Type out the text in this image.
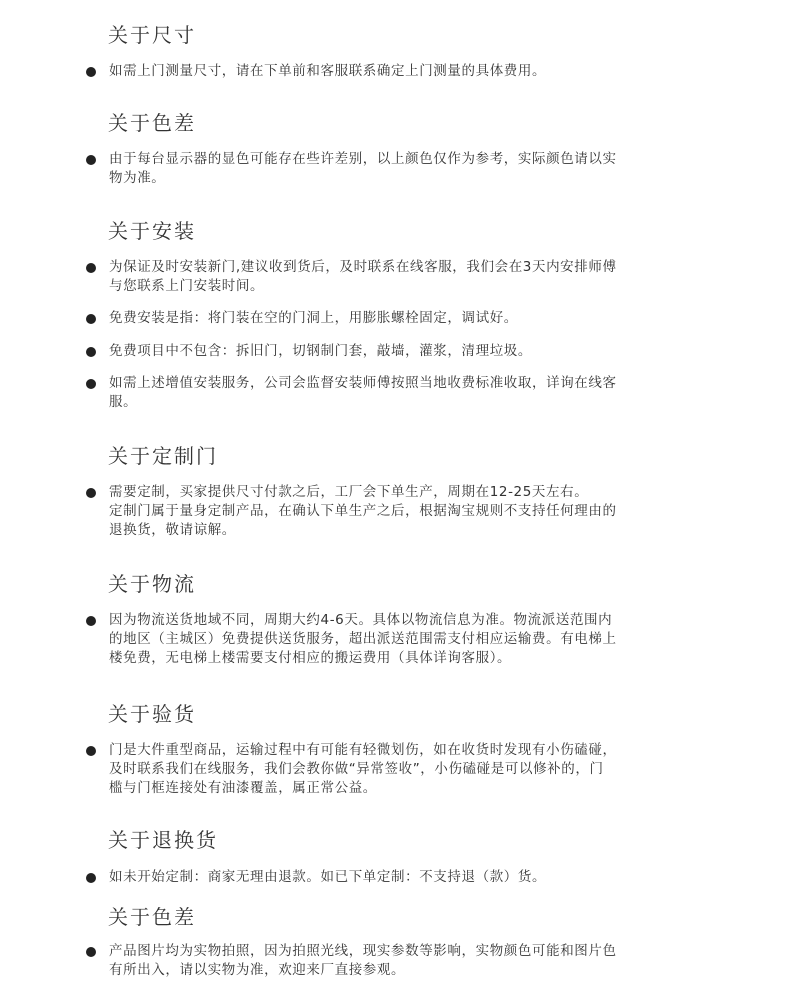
关于尺寸

如需上门测量尺寸，请在下单前和客服联系确定上门测量的具体费用。

关于色差

由于每台显示器的显色可能存在些许差别，以上颜色仅作为参考，实际颜色请以实
物为准。

关于安装

为保证及时安装新门,建议收到货后，及时联系在线客服，我们会在3天内安排师傅
与您联系上门安装时间。

免费安装是指：将门装在空的门洞上，用膨胀螺栓固定，调试好。

免费项目中不包含：拆旧门，切钢制门套，敲墙，灌浆，清理垃圾。

如需上述增值安装服务，公司会监督安装师傅按照当地收费标准收取，详询在线客
服。

关于定制门

需要定制，买家提供尺寸付款之后，工厂会下单生产，周期在12-25天左右。
定制门属于量身定制产品，在确认下单生产之后，根据淘宝规则不支持任何理由的
退换货，敬请谅解。

关于物流

因为物流送货地域不同，周期大约4-6天。具体以物流信息为准。物流派送范围内
的地区（主城区）免费提供送货服务，超出派送范围需支付相应运输费。有电梯上
楼免费，无电梯上楼需要支付相应的搬运费用（具体详询客服）。

关于验货

门是大件重型商品，运输过程中有可能有轻微划伤，如在收货时发现有小伤磕碰，
及时联系我们在线服务，我们会教你做“异常签收”，小伤磕碰是可以修补的，门
槛与门框连接处有油漆覆盖，属正常公益。

关于退换货

如未开始定制：商家无理由退款。如已下单定制：不支持退（款）货。

关于色差

产品图片均为实物拍照，因为拍照光线，现实参数等影响，实物颜色可能和图片色
有所出入，请以实物为准，欢迎来厂直接参观。
